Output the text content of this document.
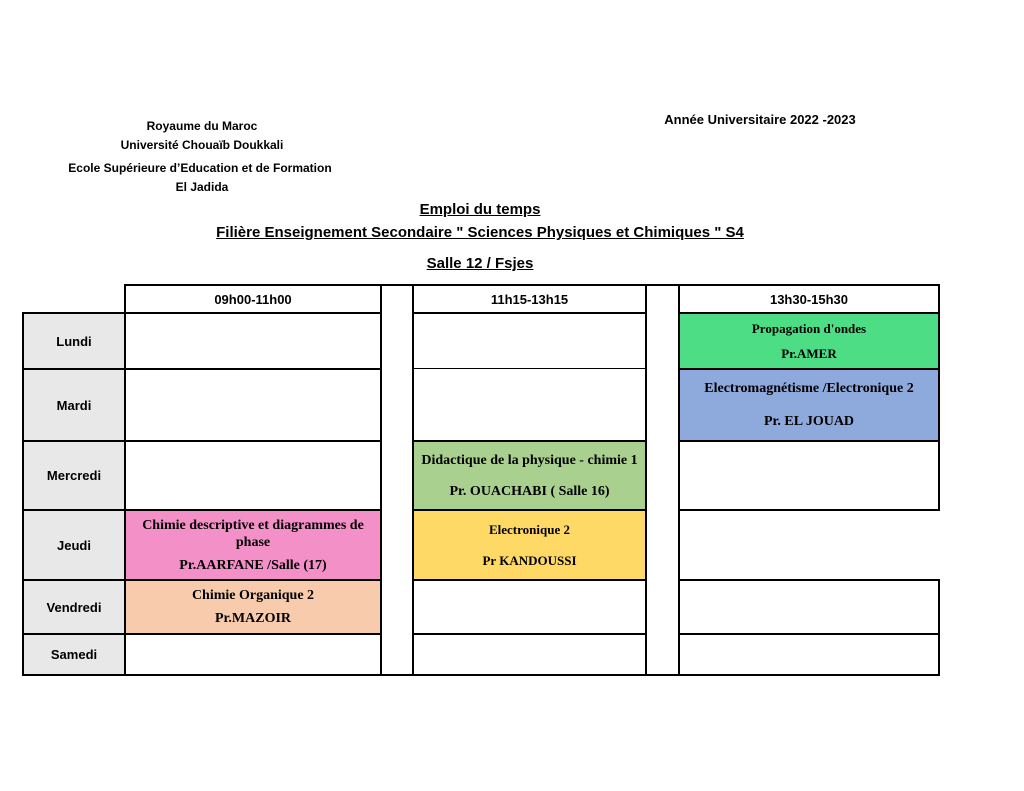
Royaume du Maroc
Université Chouaïb Doukkali
Ecole Supérieure d’Education et de Formation
El Jadida
Année Universitaire 2022 -2023
Emploi du temps
Filière Enseignement Secondaire " Sciences Physiques et Chimiques " S4
Salle 12 / Fsjes
09h00-11h00	11h15-13h15	13h30-15h30
Lundi
Mardi
Mercredi
Jeudi
Vendredi
Samedi
Chimie descriptive et diagrammes de phase
Pr.AARFANE /Salle (17)
Chimie Organique 2
Pr.MAZOIR
Didactique de la physique - chimie 1
Pr. OUACHABI ( Salle 16)
Electronique 2
Pr KANDOUSSI
Propagation d'ondes
Pr.AMER
Electromagnétisme /Electronique 2
Pr. EL JOUAD
